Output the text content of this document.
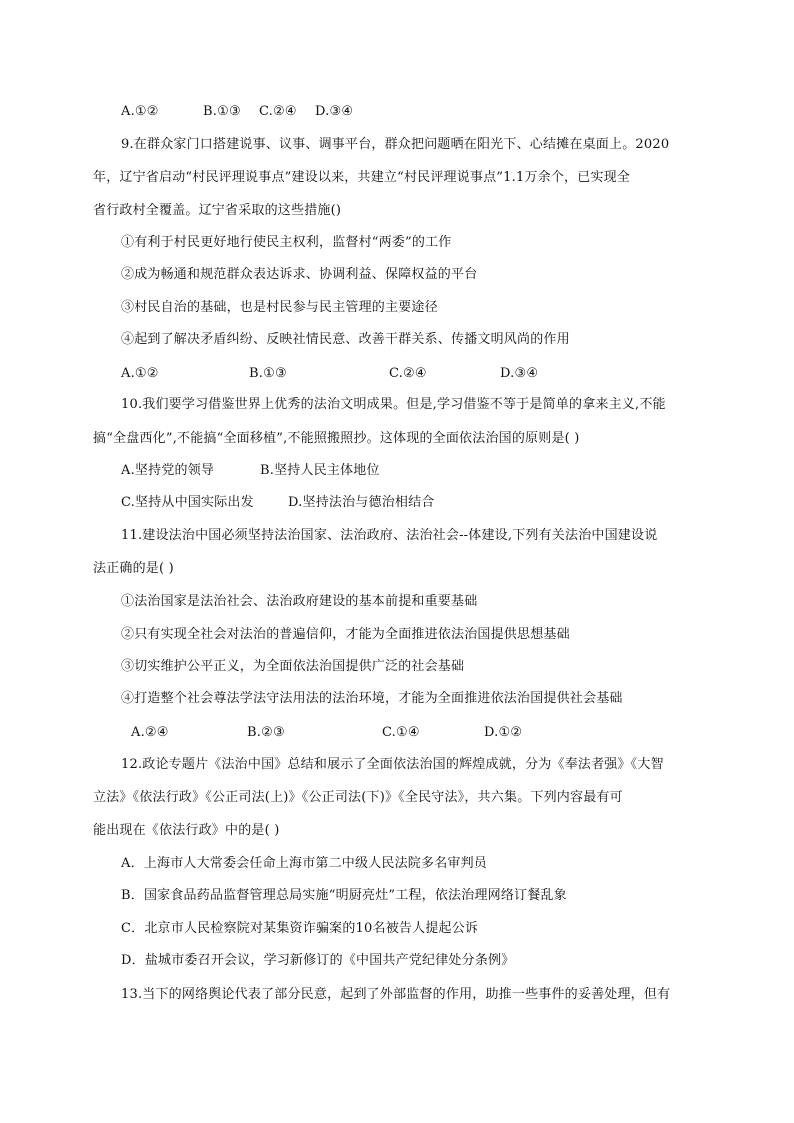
A.①②	B.①③	C.②④	D.③④
9.在群众家门口搭建说事、议事、调事平台，群众把问题晒在阳光下、心结摊在桌面上。2020
年，辽宁省启动“村民评理说事点”建设以来，共建立“村民评理说事点”1.1万余个，已实现全
省行政村全覆盖。辽宁省采取的这些措施()
①有利于村民更好地行使民主权利，监督村“两委”的工作
②成为畅通和规范群众表达诉求、协调利益、保障权益的平台
③村民自治的基础，也是村民参与民主管理的主要途径
④起到了解决矛盾纠纷、反映社情民意、改善干群关系、传播文明风尚的作用
A.①②	B.①③	C.②④	D.③④
10.我们要学习借鉴世界上优秀的法治文明成果。但是,学习借鉴不等于是简单的拿来主义,不能
搞“全盘西化”,不能搞“全面移植”,不能照搬照抄。这体现的全面依法治国的原则是( )
A.坚持党的领导	B.坚持人民主体地位
C.坚持从中国实际出发	D.坚持法治与德治相结合
11.建设法治中国必须坚持法治国家、法治政府、法治社会--体建设,下列有关法治中国建设说
法正确的是( )
①法治国家是法治社会、法治政府建设的基本前提和重要基础
②只有实现全社会对法治的普遍信仰，才能为全面推进依法治国提供思想基础
③切实维护公平正义，为全面依法治国提供广泛的社会基础
④打造整个社会尊法学法守法用法的法治环境，才能为全面推进依法治国提供社会基础
A.②④	B.②③	C.①④	D.①②
12.政论专题片《法治中国》总结和展示了全面依法治国的辉煌成就，分为《奉法者强》《大智
立法》《依法行政》《公正司法(上)》《公正司法(下)》《全民守法》，共六集。下列内容最有可
能出现在《依法行政》中的是( )
A．上海市人大常委会任命上海市第二中级人民法院多名审判员
B．国家食品药品监督管理总局实施“明厨亮灶”工程，依法治理网络订餐乱象
C．北京市人民检察院对某集资诈骗案的10名被告人提起公诉
D．盐城市委召开会议，学习新修订的《中国共产党纪律处分条例》
13.当下的网络舆论代表了部分民意，起到了外部监督的作用，助推一些事件的妥善处理，但有
